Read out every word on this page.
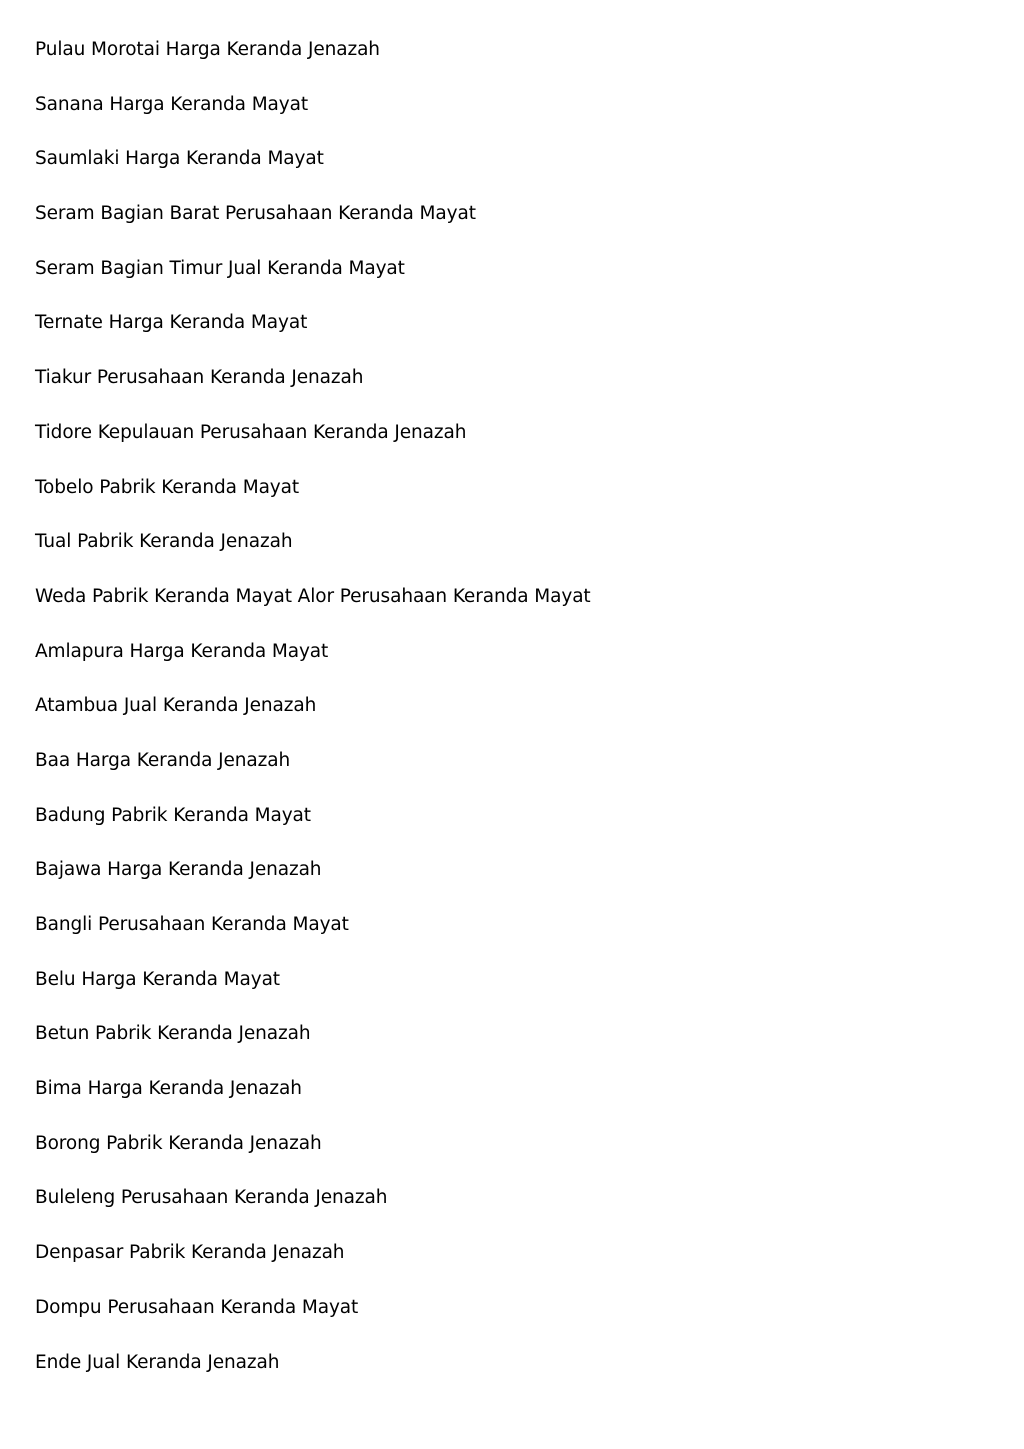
Pulau Morotai Harga Keranda Jenazah
Sanana Harga Keranda Mayat
Saumlaki Harga Keranda Mayat
Seram Bagian Barat Perusahaan Keranda Mayat
Seram Bagian Timur Jual Keranda Mayat
Ternate Harga Keranda Mayat
Tiakur Perusahaan Keranda Jenazah
Tidore Kepulauan Perusahaan Keranda Jenazah
Tobelo Pabrik Keranda Mayat
Tual Pabrik Keranda Jenazah
Weda Pabrik Keranda Mayat Alor Perusahaan Keranda Mayat
Amlapura Harga Keranda Mayat
Atambua Jual Keranda Jenazah
Baa Harga Keranda Jenazah
Badung Pabrik Keranda Mayat
Bajawa Harga Keranda Jenazah
Bangli Perusahaan Keranda Mayat
Belu Harga Keranda Mayat
Betun Pabrik Keranda Jenazah
Bima Harga Keranda Jenazah
Borong Pabrik Keranda Jenazah
Buleleng Perusahaan Keranda Jenazah
Denpasar Pabrik Keranda Jenazah
Dompu Perusahaan Keranda Mayat
Ende Jual Keranda Jenazah
